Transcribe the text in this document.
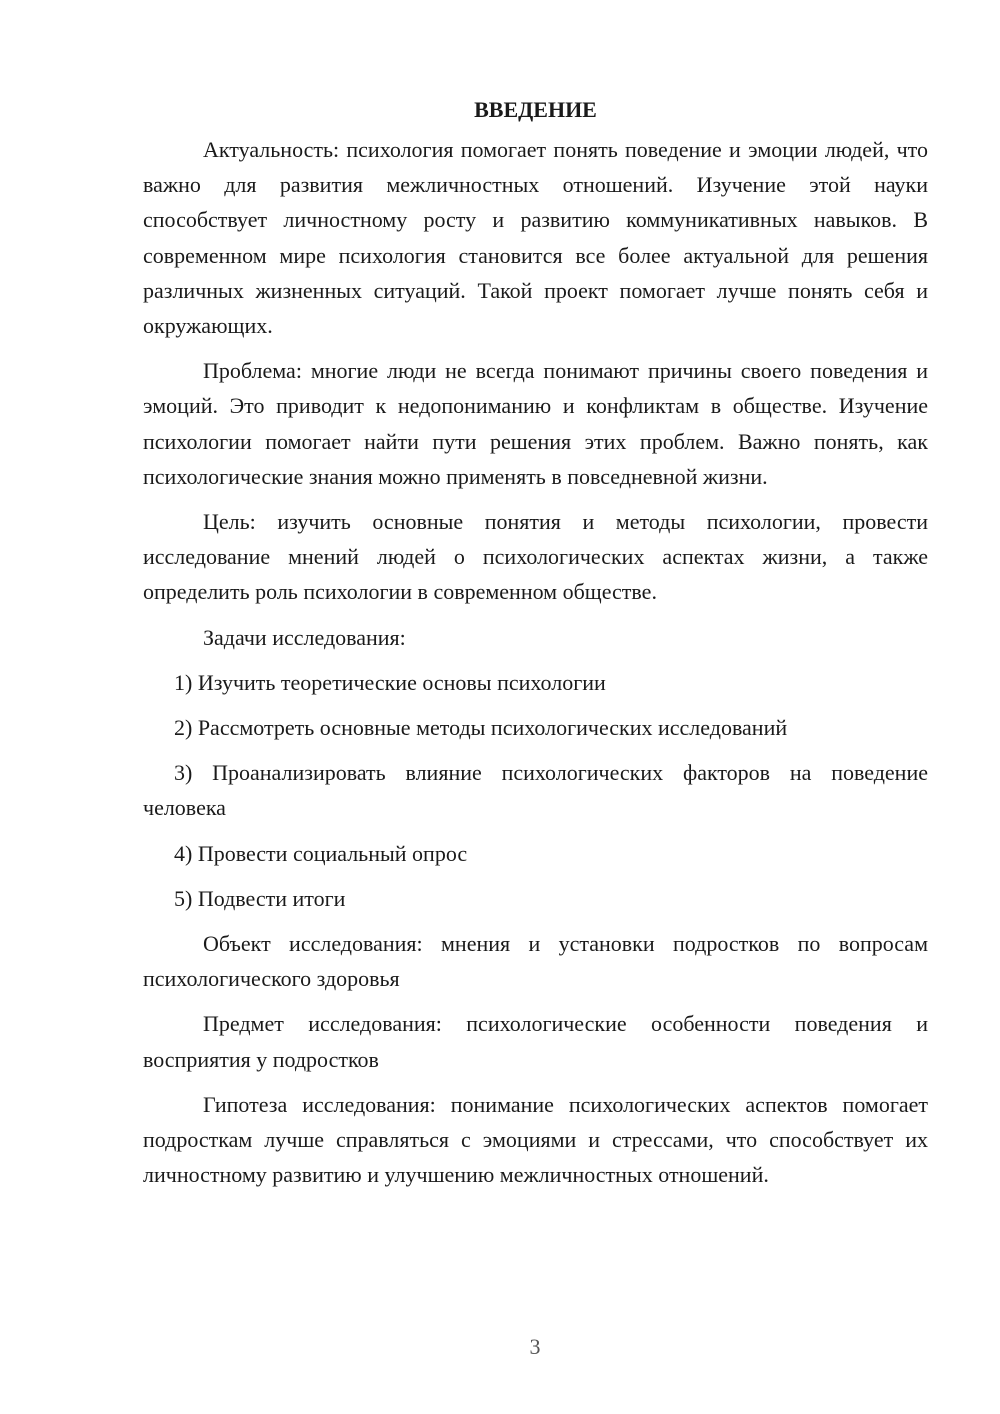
ВВЕДЕНИЕ

Актуальность: психология помогает понять поведение и эмоции людей, что важно для развития межличностных отношений. Изучение этой науки способствует личностному росту и развитию коммуникативных навыков. В современном мире психология становится все более актуальной для решения различных жизненных ситуаций. Такой проект помогает лучше понять себя и окружающих.

Проблема: многие люди не всегда понимают причины своего поведения и эмоций. Это приводит к недопониманию и конфликтам в обществе. Изучение психологии помогает найти пути решения этих проблем. Важно понять, как психологические знания можно применять в повседневной жизни.

Цель: изучить основные понятия и методы психологии, провести исследование мнений людей о психологических аспектах жизни, а также определить роль психологии в современном обществе.

Задачи исследования:

1) Изучить теоретические основы психологии

2) Рассмотреть основные методы психологических исследований

3) Проанализировать влияние психологических факторов на поведение человека

4) Провести социальный опрос

5) Подвести итоги

Объект исследования: мнения и установки подростков по вопросам психологического здоровья

Предмет исследования: психологические особенности поведения и восприятия у подростков

Гипотеза исследования: понимание психологических аспектов помогает подросткам лучше справляться с эмоциями и стрессами, что способствует их личностному развитию и улучшению межличностных отношений.

3
